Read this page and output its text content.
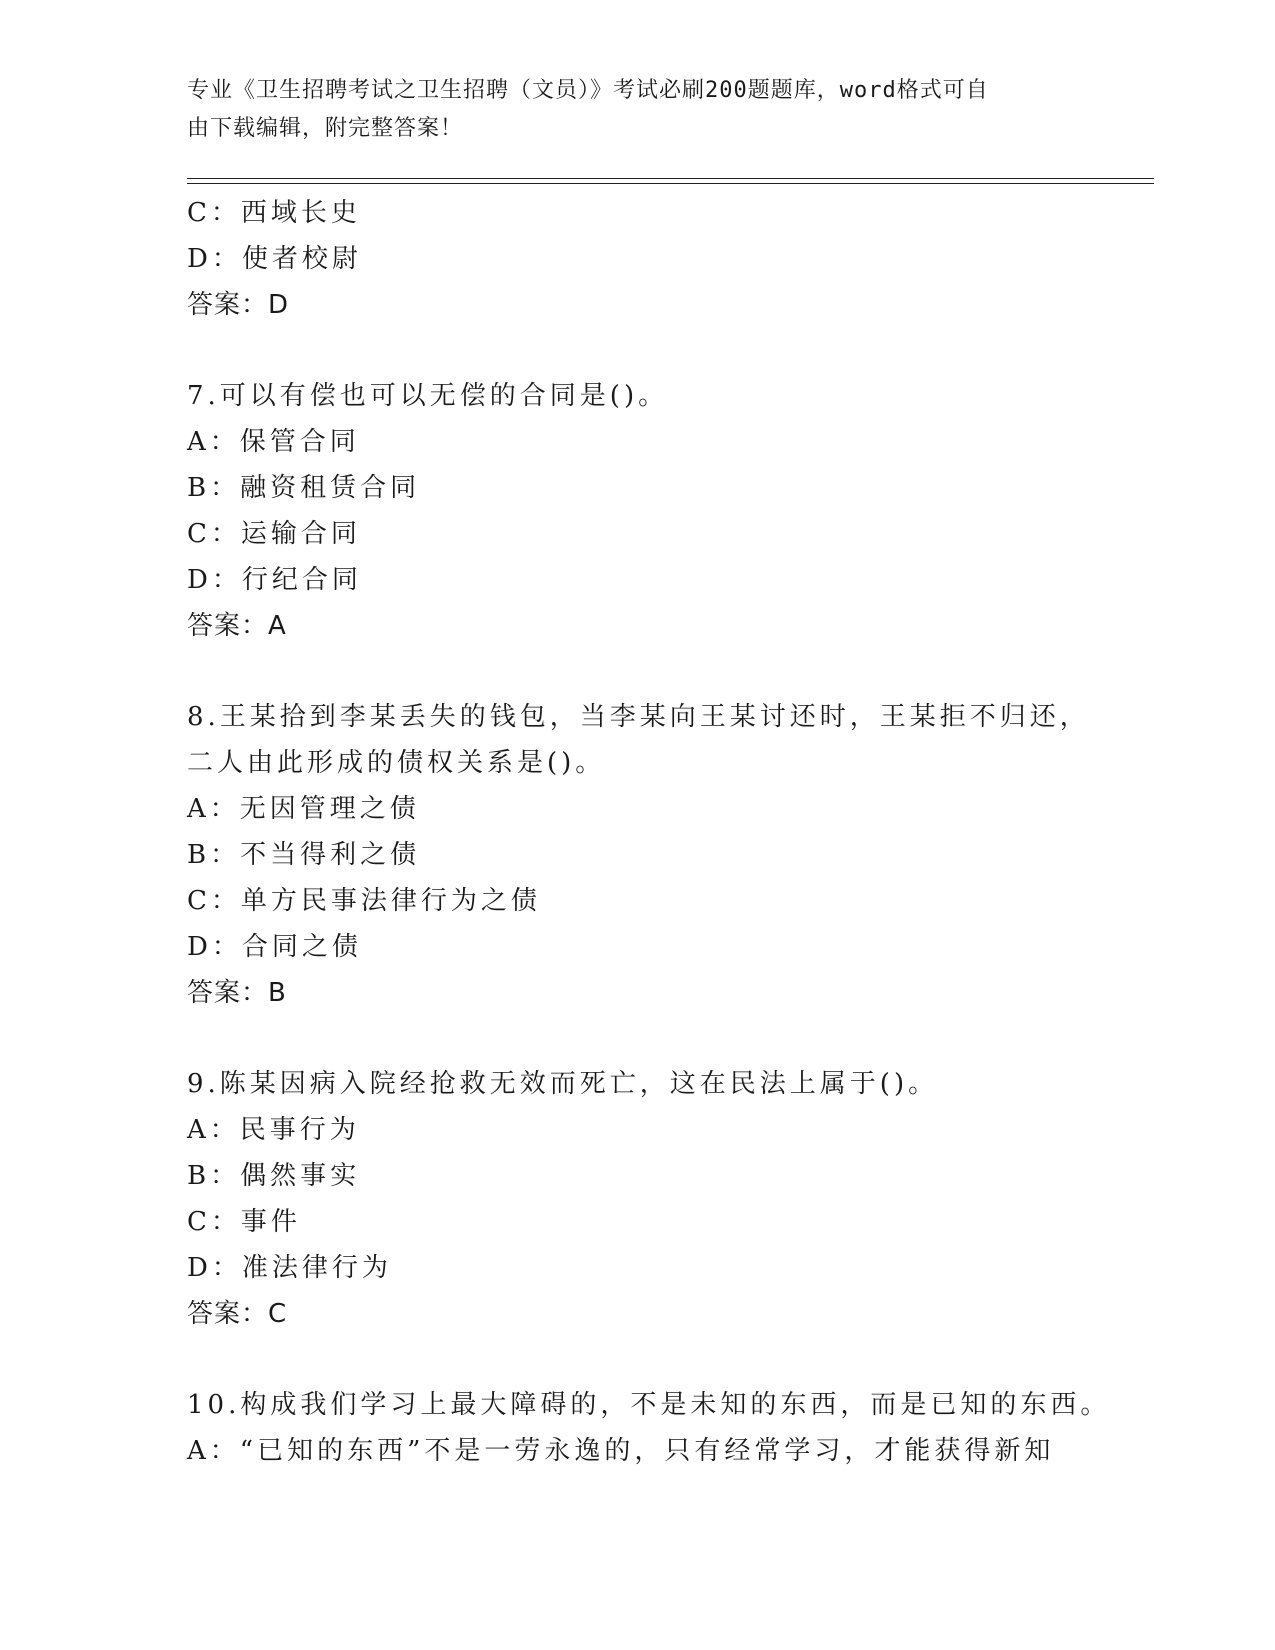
专业《卫生招聘考试之卫生招聘（文员）》考试必刷200题题库，word格式可自
由下载编辑，附完整答案！
C：西域长史
D：使者校尉
答案：D
7.可以有偿也可以无偿的合同是()。
A：保管合同
B：融资租赁合同
C：运输合同
D：行纪合同
答案：A
8.王某拾到李某丢失的钱包，当李某向王某讨还时，王某拒不归还，
二人由此形成的债权关系是()。
A：无因管理之债
B：不当得利之债
C：单方民事法律行为之债
D：合同之债
答案：B
9.陈某因病入院经抢救无效而死亡，这在民法上属于()。
A：民事行为
B：偶然事实
C：事件
D：准法律行为
答案：C
10.构成我们学习上最大障碍的，不是未知的东西，而是已知的东西。
A：“已知的东西”不是一劳永逸的，只有经常学习，才能获得新知
